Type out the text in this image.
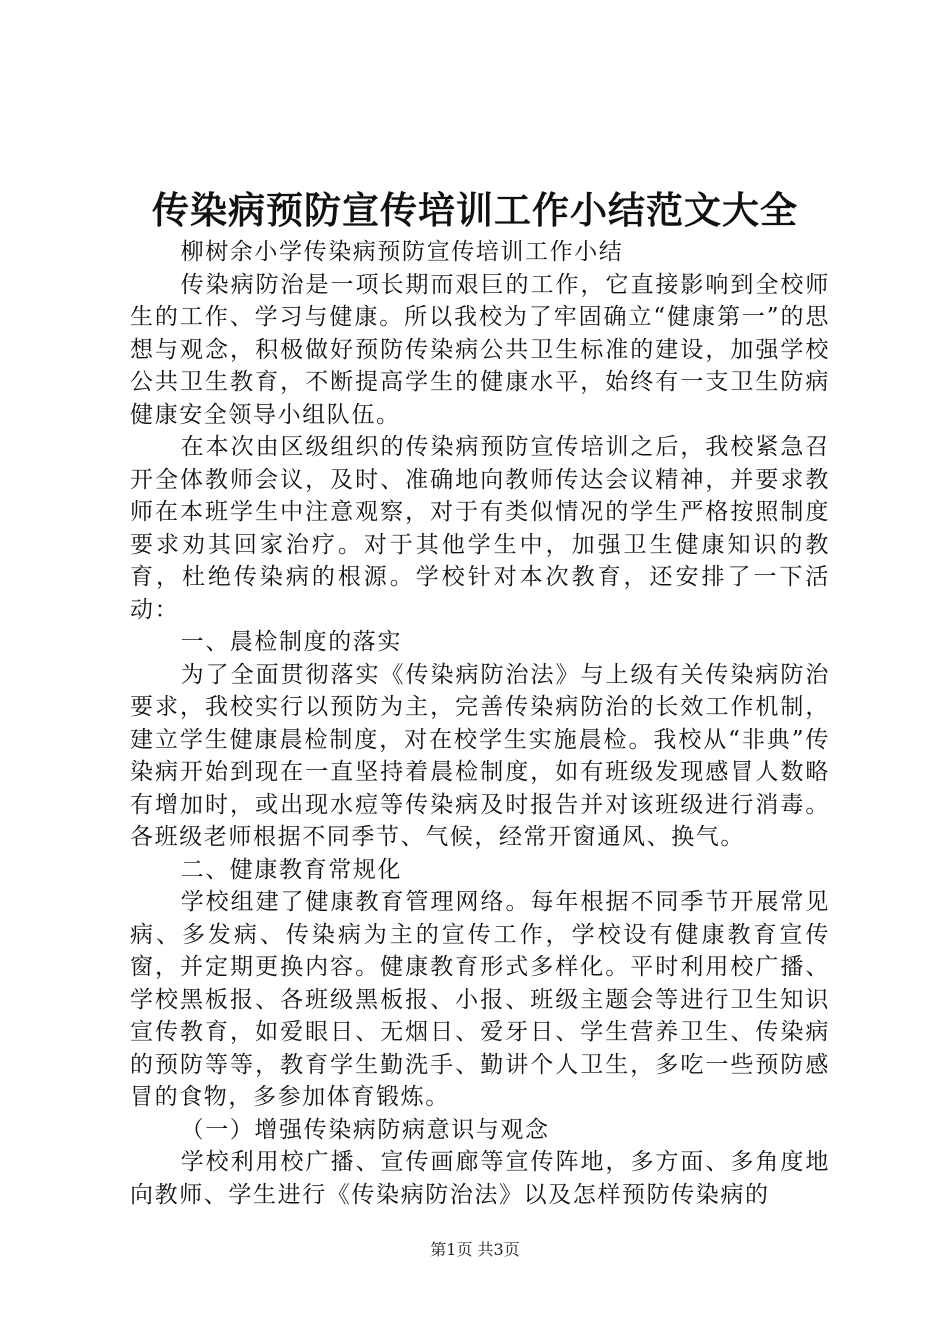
传染病预防宣传培训工作小结范文大全

柳树余小学传染病预防宣传培训工作小结

传染病防治是一项长期而艰巨的工作，它直接影响到全校师生的工作、学习与健康。所以我校为了牢固确立“健康第一”的思想与观念，积极做好预防传染病公共卫生标准的建设，加强学校公共卫生教育，不断提高学生的健康水平，始终有一支卫生防病健康安全领导小组队伍。

在本次由区级组织的传染病预防宣传培训之后，我校紧急召开全体教师会议，及时、准确地向教师传达会议精神，并要求教师在本班学生中注意观察，对于有类似情况的学生严格按照制度要求劝其回家治疗。对于其他学生中，加强卫生健康知识的教育，杜绝传染病的根源。学校针对本次教育，还安排了一下活动：

一、晨检制度的落实

为了全面贯彻落实《传染病防治法》与上级有关传染病防治要求，我校实行以预防为主，完善传染病防治的长效工作机制，建立学生健康晨检制度，对在校学生实施晨检。我校从“非典”传染病开始到现在一直坚持着晨检制度，如有班级发现感冒人数略有增加时，或出现水痘等传染病及时报告并对该班级进行消毒。各班级老师根据不同季节、气候，经常开窗通风、换气。

二、健康教育常规化

学校组建了健康教育管理网络。每年根据不同季节开展常见病、多发病、传染病为主的宣传工作，学校设有健康教育宣传窗，并定期更换内容。健康教育形式多样化。平时利用校广播、学校黑板报、各班级黑板报、小报、班级主题会等进行卫生知识宣传教育，如爱眼日、无烟日、爱牙日、学生营养卫生、传染病的预防等等，教育学生勤洗手、勤讲个人卫生，多吃一些预防感冒的食物，多参加体育锻炼。

（一）增强传染病防病意识与观念

学校利用校广播、宣传画廊等宣传阵地，多方面、多角度地向教师、学生进行《传染病防治法》以及怎样预防传染病的

第1页 共3页
